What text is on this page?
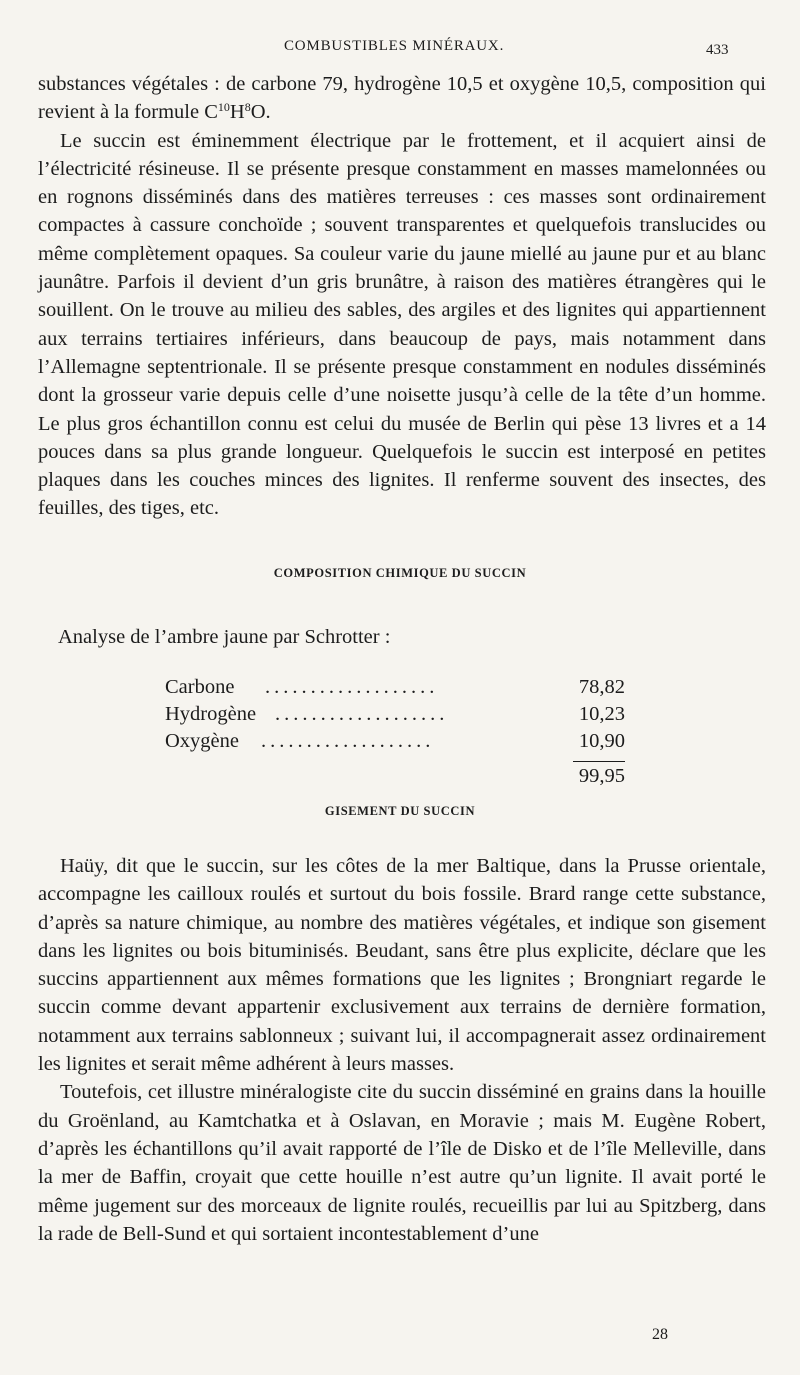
COMBUSTIBLES MINÉRAUX.	433

substances végétales : de carbone 79, hydrogène 10,5 et oxygène 10,5, composition qui revient à la formule $C^{10}H^8O$.

Le succin est éminemment électrique par le frottement, et il acquiert ainsi de l’électricité résineuse. Il se présente presque constamment en masses mamelonnées ou en rognons disséminés dans des matières terreuses : ces masses sont ordinairement compactes à cassure conchoïde ; souvent transparentes et quelquefois translucides ou même complètement opaques. Sa couleur varie du jaune miellé au jaune pur et au blanc jaunâtre. Parfois il devient d’un gris brunâtre, à raison des matières étrangères qui le souillent. On le trouve au milieu des sables, des argiles et des lignites qui appartiennent aux terrains tertiaires inférieurs, dans beaucoup de pays, mais notamment dans l’Allemagne septentrionale. Il se présente presque constamment en nodules disséminés dont la grosseur varie depuis celle d’une noisette jusqu’à celle de la tête d’un homme. Le plus gros échantillon connu est celui du musée de Berlin qui pèse 13 livres et a 14 pouces dans sa plus grande longueur. Quelquefois le succin est interposé en petites plaques dans les couches minces des lignites. Il renferme souvent des insectes, des feuilles, des tiges, etc.

COMPOSITION CHIMIQUE DU SUCCIN
Analyse de l’ambre jaune par Schrotter :
Carbone ...................	78,82
Hydrogène ...................	10,23
Oxygène ...................	10,90
99,95
GISEMENT DU SUCCIN

Haüy, dit que le succin, sur les côtes de la mer Baltique, dans la Prusse orientale, accompagne les cailloux roulés et surtout du bois fossile. Brard range cette substance, d’après sa nature chimique, au nombre des matières végétales, et indique son gisement dans les lignites ou bois bituminisés. Beudant, sans être plus explicite, déclare que les succins appartiennent aux mêmes formations que les lignites ; Brongniart regarde le succin comme devant appartenir exclusivement aux terrains de dernière formation, notamment aux terrains sablonneux ; suivant lui, il accompagnerait assez ordinairement les lignites et serait même adhérent à leurs masses.

Toutefois, cet illustre minéralogiste cite du succin disséminé en grains dans la houille du Groënland, au Kamtchatka et à Oslavan, en Moravie ; mais M. Eugène Robert, d’après les échantillons qu’il avait rapporté de l’île de Disko et de l’île Melleville, dans la mer de Baffin, croyait que cette houille n’est autre qu’un lignite. Il avait porté le même jugement sur des morceaux de lignite roulés, recueillis par lui au Spitzberg, dans la rade de Bell-Sund et qui sortaient incontestablement d’une

28
